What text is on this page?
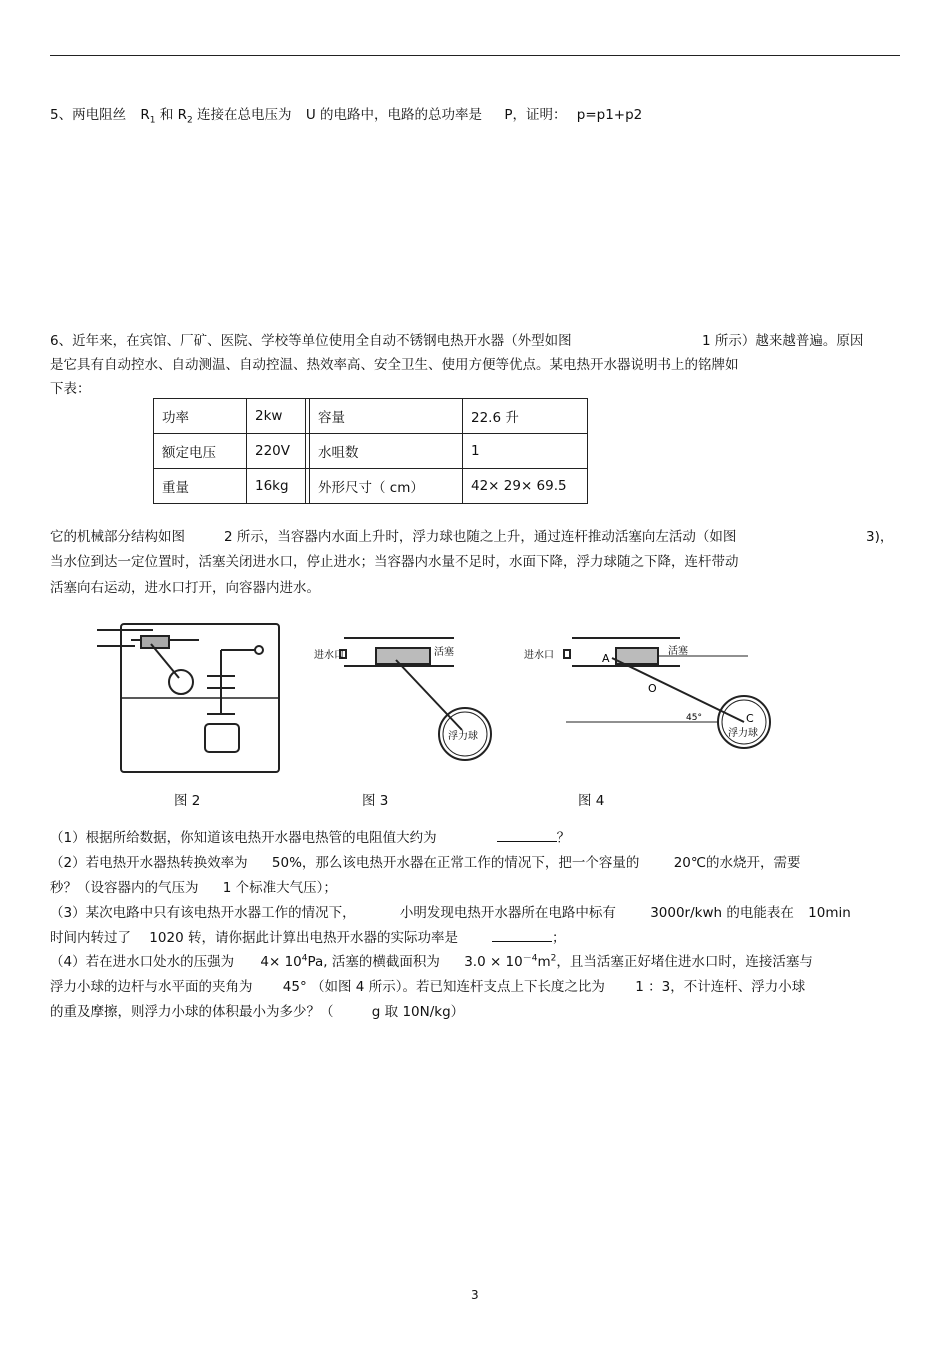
5、两电阻丝 $R_1$ 和 $R_2$ 连接在总电压为 U 的电路中，电路的总功率是 P，证明： p=p1+p2
6、近年来，在宾馆、厂矿、医院、学校等单位使用全自动不锈钢电热开水器（外型如图	1 所示）越来越普遍。原因
是它具有自动控水、自动测温、自动控温、热效率高、安全卫生、使用方便等优点。某电热开水器说明书上的铭牌如
下表：
功率	2kw		容量	22.6 升
额定电压	220V		水咀数	1
重量	16kg		外形尺寸（ cm）	42× 29× 69.5
它的机械部分结构如图	2 所示，当容器内水面上升时，浮力球也随之上升，通过连杆推动活塞向左活动（如图	3)，
当水位到达一定位置时，活塞关闭进水口，停止进水；当容器内水量不足时，水面下降，浮力球随之下降，连杆带动
活塞向右运动，进水口打开，向容器内进水。
进水口	活塞
浮力球
进水口	活塞
A
O
C
45°
浮力球
图 2	图 3	图 4
（1）根据所给数据，你知道该电热开水器电热管的电阻值大约为	？
（2）若电热开水器热转换效率为 50%，那么该电热开水器在正常工作的情况下，把一个容量的	20℃的水烧开，需要
秒？（设容器内的气压为 1 个标准大气压）；
（3）某次电路中只有该电热开水器工作的情况下，	小明发现电热开水器所在电路中标有	3000r/kwh 的电能表在 10min
时间内转过了 1020 转，请你据此计算出电热开水器的实际功率是	；
（4）若在进水口处水的压强为 $4\times 10^4Pa$, 活塞的横截面积为 $3.0 \times 10^{-4}m^2$，且当活塞正好堵住进水口时，连接活塞与
浮力小球的边杆与水平面的夹角为 45° （如图 4 所示）。若已知连杆支点上下长度之比为 1 ：3，不计连杆、浮力小球
的重及摩擦，则浮力小球的体积最小为多少？（	g 取 10N/kg）
3
